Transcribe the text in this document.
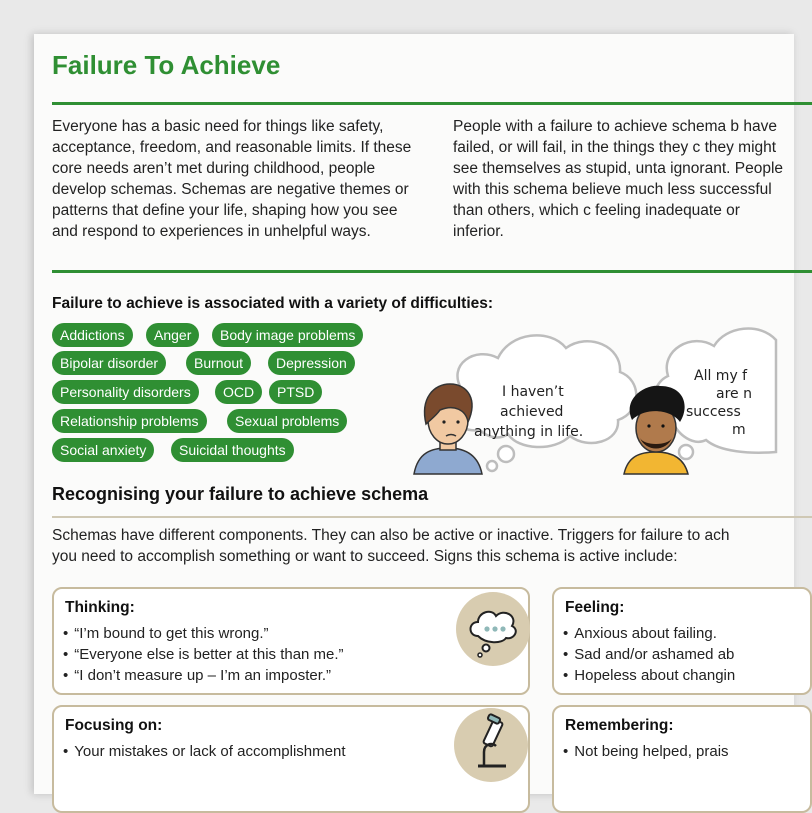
Failure To Achieve
Everyone has a basic need for things like safety, acceptance, freedom, and reasonable limits. If these core needs aren’t met during childhood, people develop schemas. Schemas are negative themes or patterns that define your life, shaping how you see and respond to experiences in unhelpful ways.
People with a failure to achieve schema b have failed, or will fail, in the things they c they might see themselves as stupid, unta ignorant. People with this schema believe much less successful than others, which c feeling inadequate or inferior.
Failure to achieve is associated with a variety of difficulties:
Addictions	Anger	Body image problems
Bipolar disorder	Burnout	Depression
Personality disorders	OCD	PTSD
Relationship problems	Sexual problems
Social anxiety	Suicidal thoughts
I haven’t
achieved
anything in life.
All my f
are n
success
m
Recognising your failure to achieve schema
Schemas have different components. They can also be active or inactive. Triggers for failure to ach
you need to accomplish something or want to succeed. Signs this schema is active include:
Thinking:
• “I’m bound to get this wrong.”
• “Everyone else is better at this than me.”
• “I don’t measure up – I’m an imposter.”
Feeling:
• Anxious about failing.
• Sad and/or ashamed ab
• Hopeless about changin
Focusing on:
• Your mistakes or lack of accomplishment
Remembering:
• Not being helped, prais
